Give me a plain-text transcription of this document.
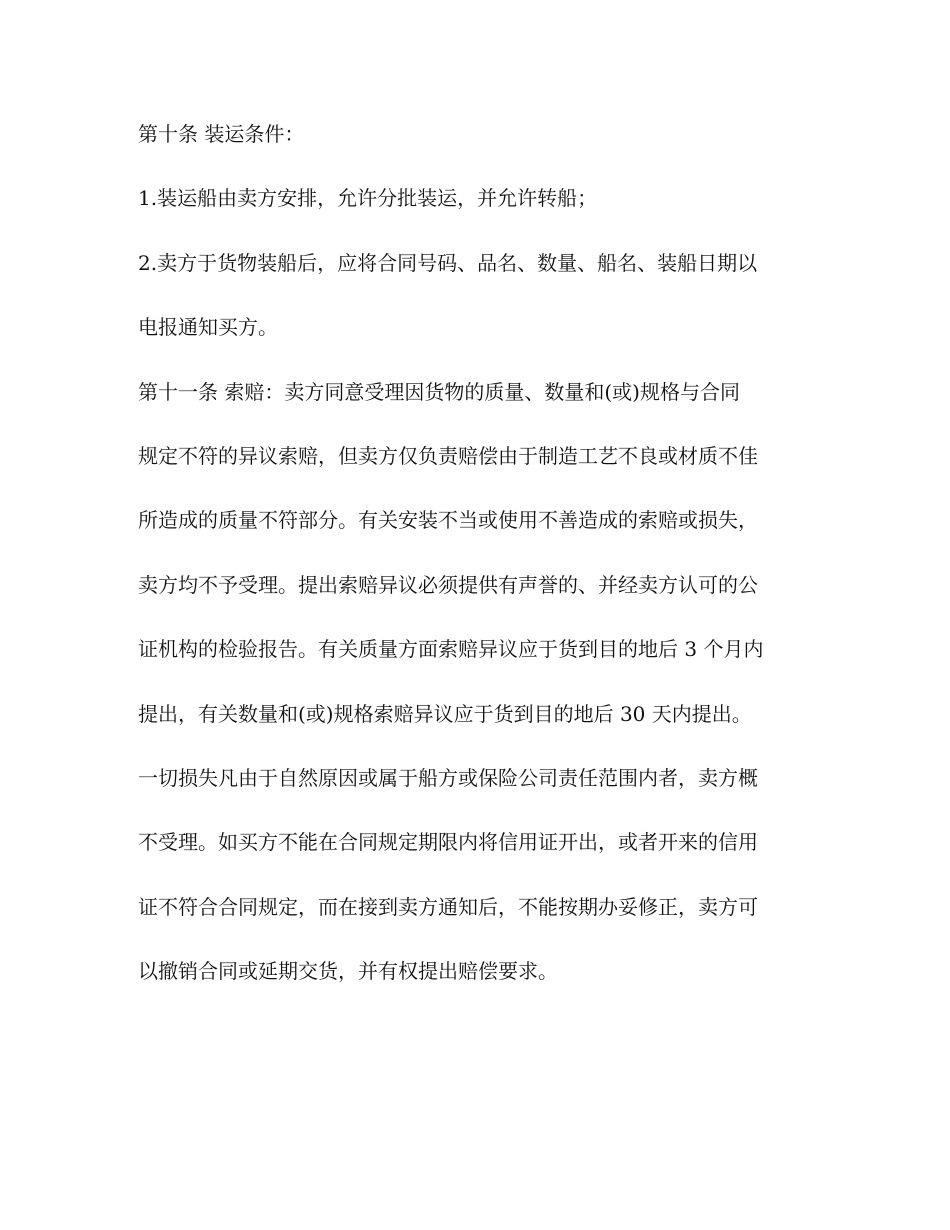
第十条 装运条件：

1.装运船由卖方安排，允许分批装运，并允许转船；

2.卖方于货物装船后，应将合同号码、品名、数量、船名、装船日期以

电报通知买方。

第十一条 索赔：卖方同意受理因货物的质量、数量和(或)规格与合同

规定不符的异议索赔，但卖方仅负责赔偿由于制造工艺不良或材质不佳

所造成的质量不符部分。有关安装不当或使用不善造成的索赔或损失，

卖方均不予受理。提出索赔异议必须提供有声誉的、并经卖方认可的公

证机构的检验报告。有关质量方面索赔异议应于货到目的地后 3 个月内

提出，有关数量和(或)规格索赔异议应于货到目的地后 30 天内提出。

一切损失凡由于自然原因或属于船方或保险公司责任范围内者，卖方概

不受理。如买方不能在合同规定期限内将信用证开出，或者开来的信用

证不符合合同规定，而在接到卖方通知后，不能按期办妥修正，卖方可

以撤销合同或延期交货，并有权提出赔偿要求。
